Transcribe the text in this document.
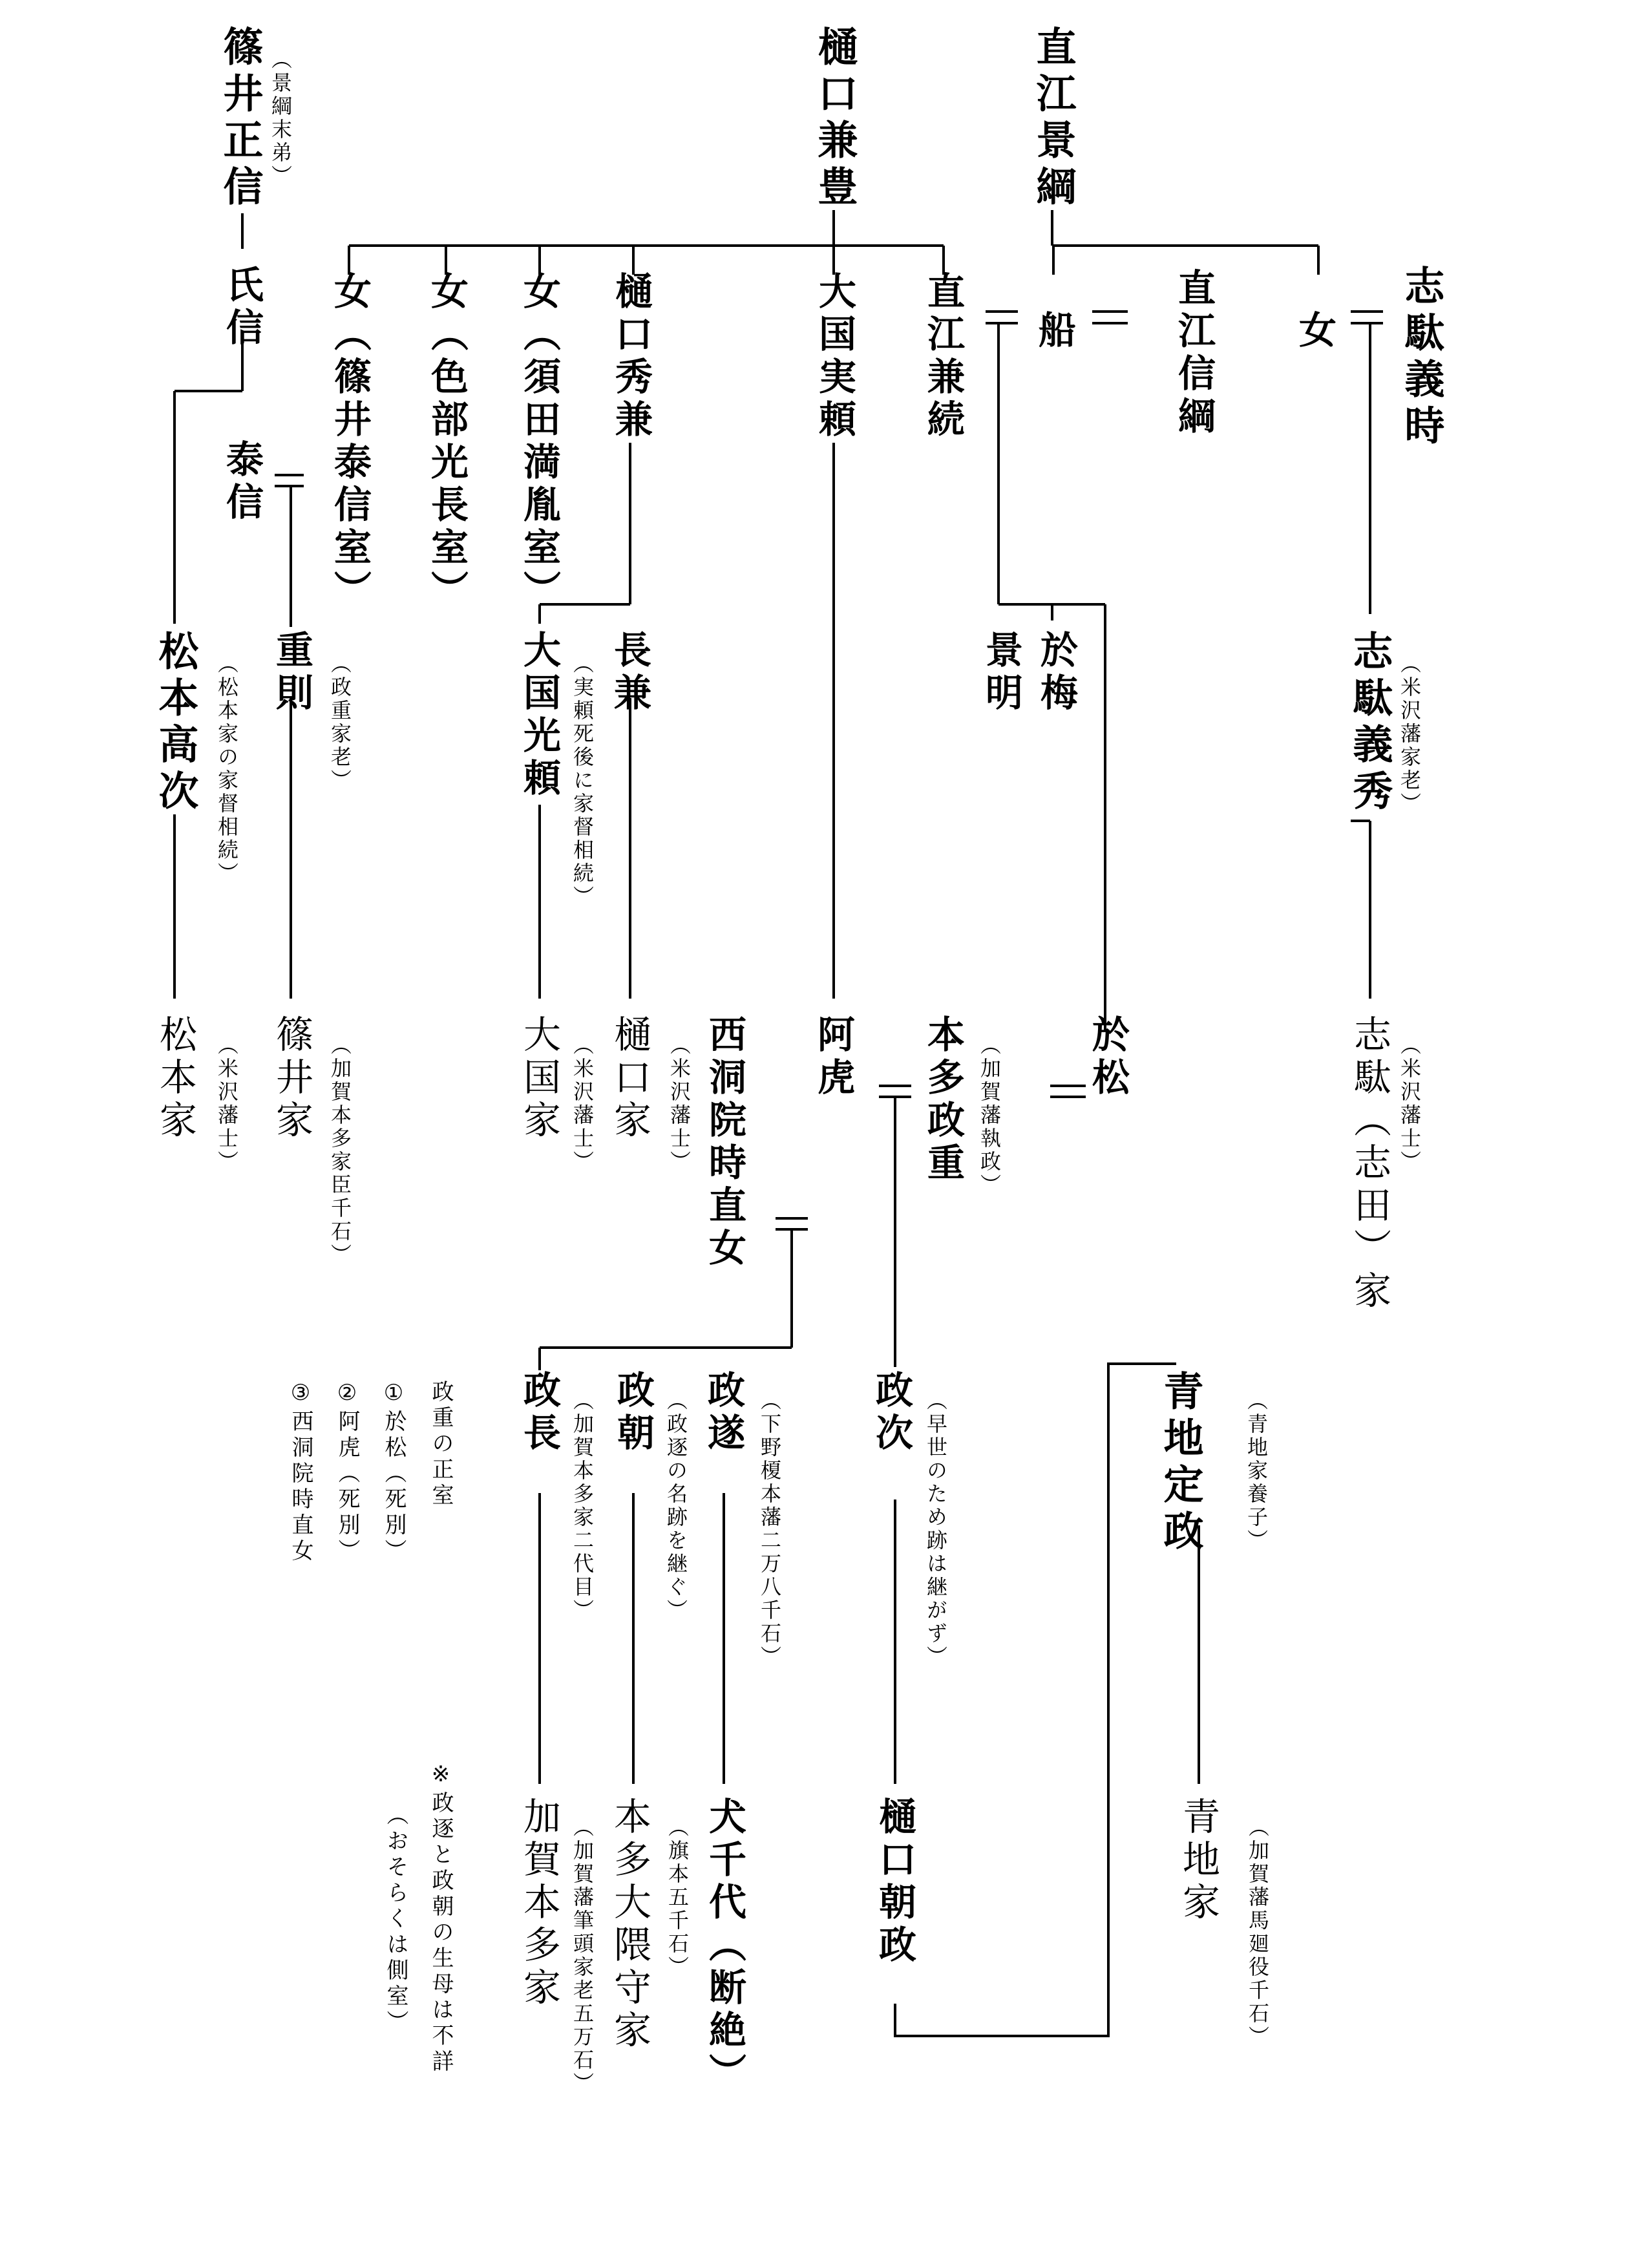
直江景綱
樋口兼豊
篠井正信 （景綱末弟）
志駄義時
女
直江信綱
船
直江兼続
大国実頼
樋口秀兼
女（須田満胤室）
女（色部光長室）
女（篠井泰信室）
氏信
泰信
志駄義秀 （米沢藩家老）
於梅
景明
長兼
（実頼死後に家督相続）
大国光頼
重則 （政重家老）
松本高次 （松本家の家督相続）
志駄（志田）家 （米沢藩士）
於松
本多政重 （加賀藩執政）
阿虎
西洞院時直女
（米沢藩士）
樋口家
（米沢藩士）
大国家
篠井家 （加賀本多家臣千石）
松本家 （米沢藩士）
青地定政 （青地家養子）
政次 （早世のため跡は継がず）
政遂 （下野榎本藩二万八千石）
（政逐の名跡を継ぐ）
政朝
（加賀本多家二代目）
政長
政重の正室
①於松（死別）
②阿虎（死別）
③西洞院時直女
青地家 （加賀藩馬廻役千石）
樋口朝政
犬千代（断絶）
（旗本五千石）
本多大隈守家
（加賀藩筆頭家老五万石）
加賀本多家
※政逐と政朝の生母は不詳
（おそらくは側室）
